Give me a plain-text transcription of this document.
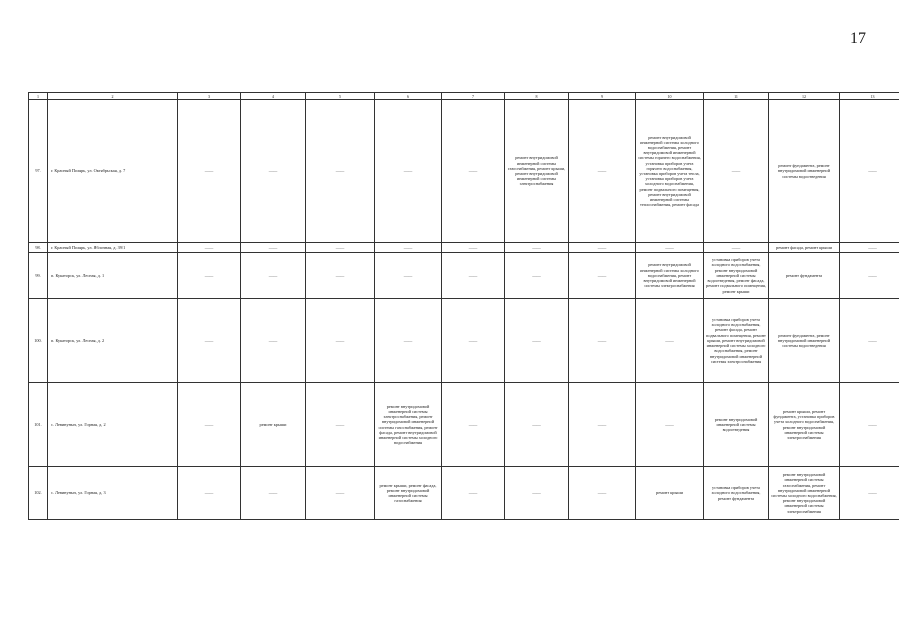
17
1	2	3	4	5	6	7	8	9	10	11	12	13
97.	г. Красный Полярь, ул. Октябрьская, д. 7	——	——	——	——	——	ремонт внутридомовой инженерной системы газоснабжения, ремонт крыши, ремонт внутридомовой инженерной системы электроснабжения	——	ремонт внутридомовой инженерной системы холодного водоснабжения, ремонт внутридомовой инженерной системы горячего водоснабжения, установка приборов учета горячего водоснабжения, установка приборов учета тепла, установка приборов учета холодного водоснабжения, ремонт подвального помещения, ремонт внутридомовой инженерной системы теплоснабжения, ремонт фасада	——	ремонт фундамента, ремонт внутридомовой инженерной системы водоотведения	——
98.	г. Красный Полярь, ул. Яблочная, д. 39/1	——	——	——	——	——	——	——	——	——	ремонт фасада, ремонт крыши	——
99.	п. Кукаторск, ул. Лесная, д. 1	——	——	——	——	——	——	——	ремонт внутридомовой инженерной системы холодного водоснабжения, ремонт внутридомовой инженерной системы электроснабжения	установка приборов учета холодного водоснабжения, ремонт внутридомовой инженерной системы водоотведения, ремонт фасада, ремонт подвального помещения, ремонт крыши	ремонт фундамента	——
100.	п. Кукаторск, ул. Лесная, д. 2	——	——	——	——	——	——	——	——	установка приборов учета холодного водоснабжения, ремонт фасада, ремонт подвального помещения, ремонт крыши, ремонт внутридомовой инженерной системы холодного водоснабжения, ремонт внутридомовой инженерной системы электроснабжения	ремонт фундамента, ремонт внутридомовой инженерной системы водоотведения	——
101.	с. Левинуныч, ул. Горная, д. 2	——	ремонт крыши	——	ремонт внутридомовой инженерной системы электроснабжения, ремонт внутридомовой инженерной системы газоснабжения, ремонт фасада, ремонт внутридомовой инженерной системы холодного водоснабжения	——	——	——	——	ремонт внутридомовой инженерной системы водоотведения	ремонт крыши, ремонт фундамента, установка приборов учета холодного водоснабжения, ремонт внутридомовой инженерной системы электроснабжения	——
102.	с. Левинуныч, ул. Горная, д. 3	——	——	——	ремонт крыши, ремонт фасада, ремонт внутридомовой инженерной системы газоснабжения	——	——	——	ремонт крыши	установка приборов учета холодного водоснабжения, ремонт фундамента	ремонт внутридомовой инженерной системы газоснабжения, ремонт внутридомовой инженерной системы холодного водоснабжения, ремонт внутридомовой инженерной системы электроснабжения	——
